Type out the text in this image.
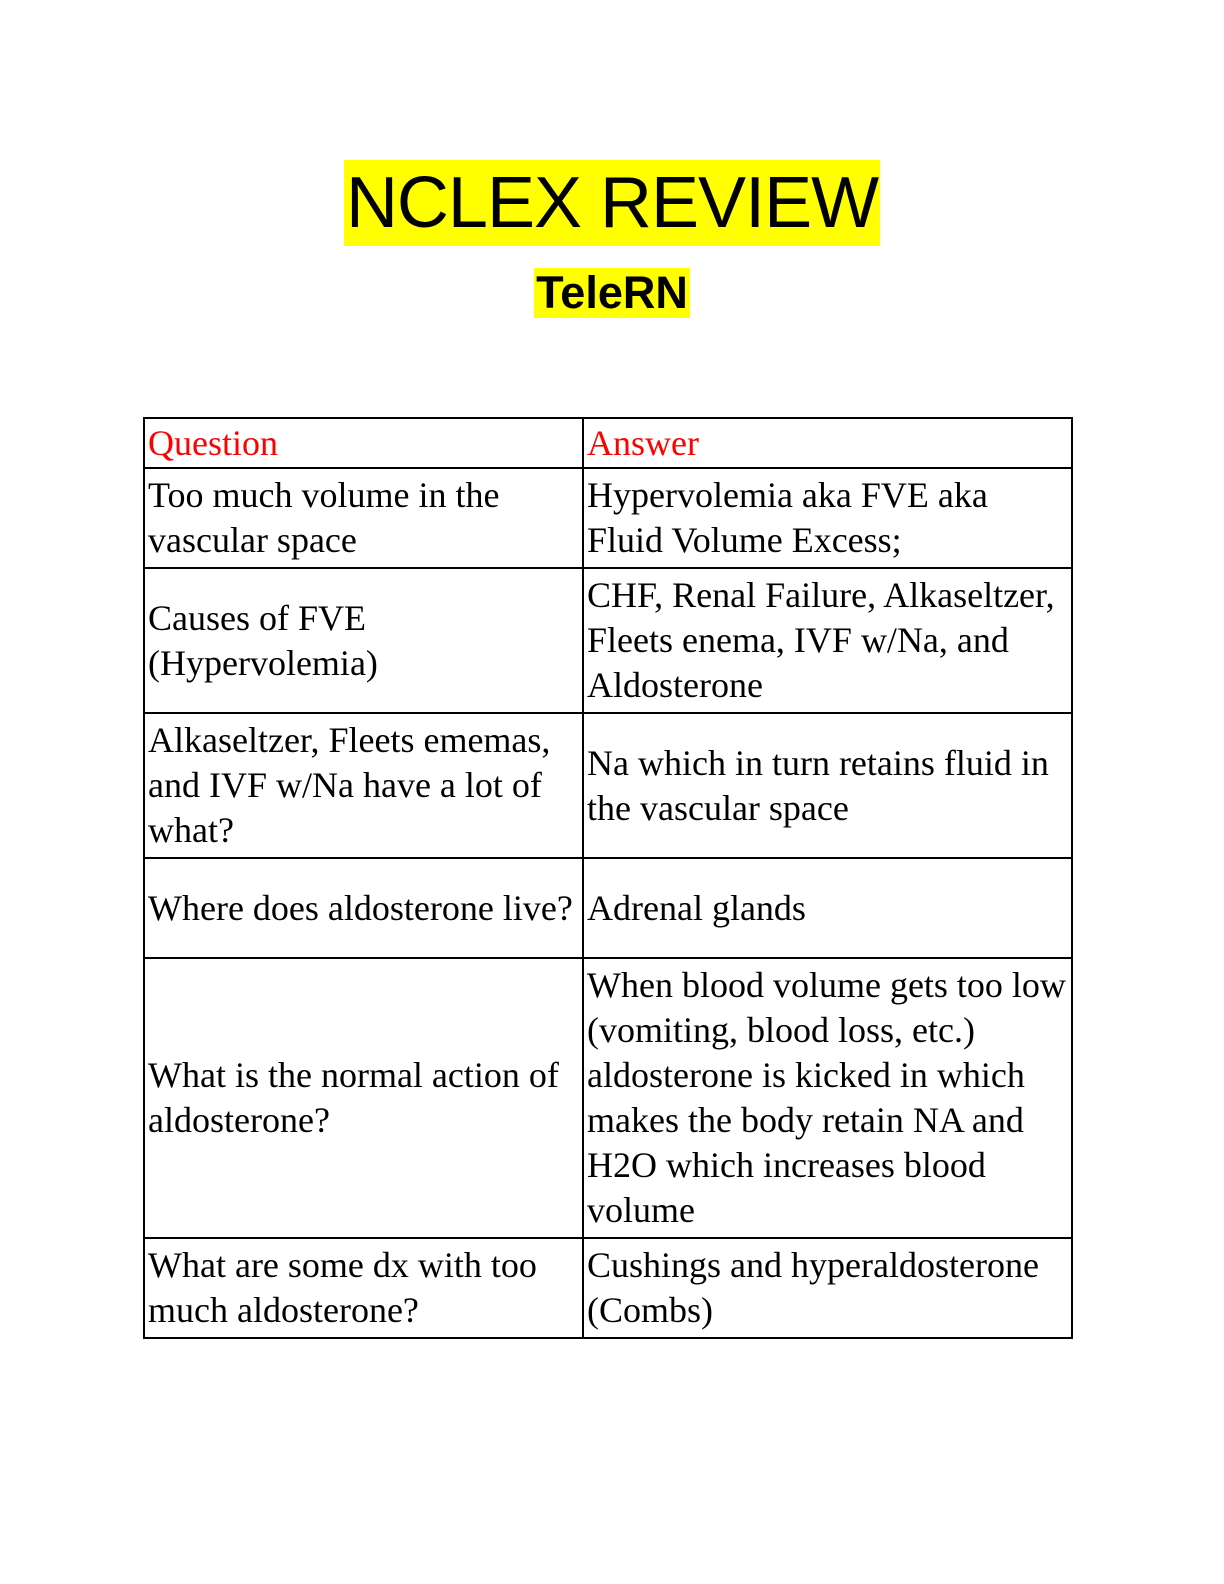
NCLEX REVIEW
TeleRN
Question	Answer
Too much volume in the vascular space	Hypervolemia aka FVE aka Fluid Volume Excess;
Causes of FVE (Hypervolemia)	CHF, Renal Failure, Alkaseltzer, Fleets enema, IVF w/Na, and Aldosterone
Alkaseltzer, Fleets ememas, and IVF w/Na have a lot of what?	Na which in turn retains fluid in the vascular space
Where does aldosterone live?	Adrenal glands
What is the normal action of aldosterone?	When blood volume gets too low (vomiting, blood loss, etc.) aldosterone is kicked in which makes the body retain NA and H2O which increases blood volume
What are some dx with too much aldosterone?	Cushings and hyperaldosterone (Combs)
